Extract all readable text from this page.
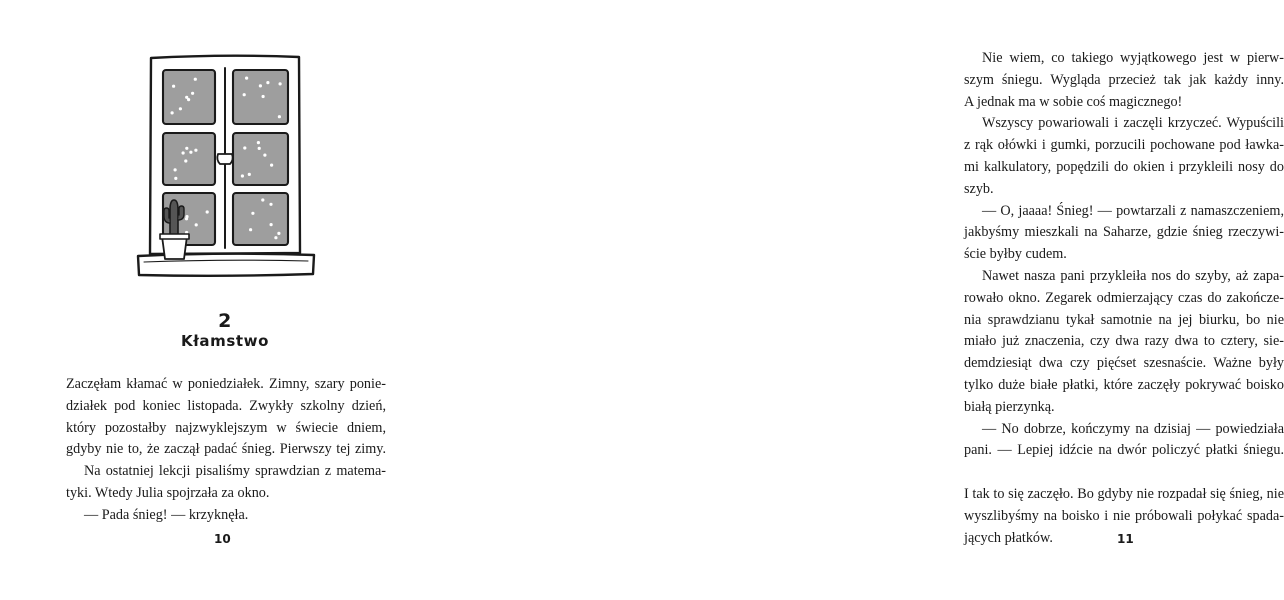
2
Kłamstwo
Zaczęłam kłamać w poniedziałek. Zimny, szary ponie-
działek pod koniec listopada. Zwykły szkolny dzień,
który pozostałby najzwyklejszym w świecie dniem,
gdyby nie to, że zaczął padać śnieg. Pierwszy tej zimy.
Na ostatniej lekcji pisaliśmy sprawdzian z matema-
tyki. Wtedy Julia spojrzała za okno.
— Pada śnieg! — krzyknęła.
10
Nie wiem, co takiego wyjątkowego jest w pierw-
szym śniegu. Wygląda przecież tak jak każdy inny.
A jednak ma w sobie coś magicznego!
Wszyscy powariowali i zaczęli krzyczeć. Wypuścili
z rąk ołówki i gumki, porzucili pochowane pod ławka-
mi kalkulatory, popędzili do okien i przykleili nosy do
szyb.
— O, jaaaa! Śnieg! — powtarzali z namaszczeniem,
jakbyśmy mieszkali na Saharze, gdzie śnieg rzeczywi-
ście byłby cudem.
Nawet nasza pani przykleiła nos do szyby, aż zapa-
rowało okno. Zegarek odmierzający czas do zakończe-
nia sprawdzianu tykał samotnie na jej biurku, bo nie
miało już znaczenia, czy dwa razy dwa to cztery, sie-
demdziesiąt dwa czy pięćset szesnaście. Ważne były
tylko duże białe płatki, które zaczęły pokrywać boisko
białą pierzynką.
— No dobrze, kończymy na dzisiaj — powiedziała
pani. — Lepiej idźcie na dwór policzyć płatki śniegu.
I tak to się zaczęło. Bo gdyby nie rozpadał się śnieg, nie
wyszlibyśmy na boisko i nie próbowali połykać spada-
jących płatków.	11
